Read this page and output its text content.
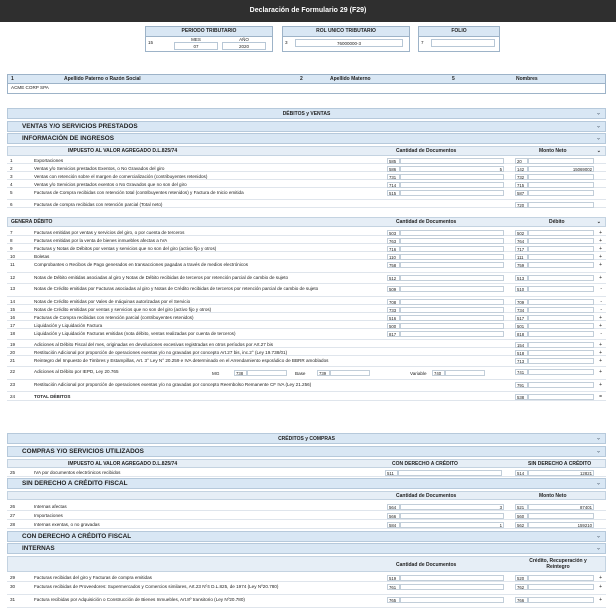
Declaración de Formulario 29 (F29)
PERIODO TRIBUTARIO
15
MES	AÑO
07	2020
ROL UNICO TRIBUTARIO
3	76000000-3
FOLIO
7
1	Apellido Paterno o Razón Social	2	Apellido Materno	5	Nombres
ACME CORP SPA
DÉBITOS y VENTAS	⌄
VENTAS Y/O SERVICIOS PRESTADOS	⌄
INFORMACIÓN DE INGRESOS	⌄
IMPUESTO AL VALOR AGREGADO D.L.825/74	Cantidad de Documentos	Monto Neto	⌄
1	Exportaciones	585	20
2	Ventas y/o Servicios prestados Exentos, o No Gravados del giro	586	5	142	15069002
3	Ventas con retención sobre el margen de comercialización (contribuyentes retenidos)	731	732
4	Ventas y/o Servicios prestados exentos o No Gravados que no son del giro	714	715
5	Facturas de Compra recibidas con retención total (contribuyentes retenidos) y Factura de Inicio emitida	515	587
6	Facturas de compra recibidas con retención parcial (Total neto)	720
GENERA DÉBITO	Cantidad de Documentos	Débito	⌄
7	Facturas emitidas por ventas y servicios del giro, o por cuenta de terceros	503	502	+
8	Facturas emitidas por la venta de bienes inmuebles afectas a IVA	763	764	+
9	Facturas y Notas de Débitos por ventas y servicios que no son del giro (activo fijo y otros)	716	717	+
10	Boletas	110	111	+
11	Comprobantes o Recibos de Pago generados en transacciones pagadas a través de medios electrónicos	758	759	+
12	Notas de Débito emitidas asociadas al giro y Notas de Débito recibidas de terceros por retención parcial de cambio de sujeto	512	513	+
13	Notas de Crédito emitidas por Facturas asociadas al giro y Notas de Crédito recibidas de terceros por retención parcial de cambio de sujeto	509	510	-
14	Notas de Crédito emitidas por Vales de máquinas autorizadas por el Servicio	708	709	-
15	Notas de Crédito emitidas por ventas y servicios que no son del giro (activo fijo y otros)	733	734	-
16	Facturas de Compra recibidas con retención parcial (contribuyentes retenidos)	516	517	+
17	Liquidación y Liquidación Factura	500	501	+
18	Liquidación y Liquidación Facturas emitidas (nota débito, ventas realizadas por cuenta de terceros)	817	818	-
19	Adiciones al Débito Fiscal del mes, originadas en devoluciones excesivas registradas en otros períodos por Art.27 bis	154	+
20	Restitución Adicional por proporción de operaciones exentas y/o no gravadas por concepto Art.27 bis, inc.2° (Ley 19.738/01)	518	+
21	Reintegro del Impuesto de Timbres y Estampillas, Art. 3° Ley N° 20.259 e IVA determinado en el Arrendamiento esporádico de BBRR amoblados	713	+
22	Adiciones al Débito por IEPD, Ley 20.765	741	+
MG	738	Base	739	Variable	740
23	Restitución Adicional por proporción de operaciones exentas y/o no gravadas por concepto Reembolso Remanente CF IVA (Ley 21.256)	791	+
24	TOTAL DÉBITOS	538	=
CRÉDITOS y COMPRAS	⌄
COMPRAS Y/O SERVICIOS UTILIZADOS	⌄
IMPUESTO AL VALOR AGREGADO D.L.825/74	CON DERECHO A CRÉDITO	SIN DERECHO A CRÉDITO
25	IVA por documentos electrónicos recibidos	511	514	12821
SIN DERECHO A CRÉDITO FISCAL	⌄
Cantidad de Documentos	Monto Neto
26	Internas afectas	564	3	521	87401
27	Importaciones	566	560
28	Internas exentas, o no gravadas	584	1	562	159210
CON DERECHO A CRÉDITO FISCAL	⌄
INTERNAS	⌄
Cantidad de Documentos
Crédito, Recuperación y Reintegro
29	Facturas recibidas del giro y Facturas de compra emitidas	519	520	+
30	Facturas recibidas de Proveedores: Supermercados y Comercios similares, Art.23 Nº4 D.L.825, de 1974 (Ley Nº20.780)	761	762	+
31	Factura recibidas por Adquisición o Construcción de Bienes Inmuebles, Art.8º transitorio (Ley Nº20.780)	765	766	+
